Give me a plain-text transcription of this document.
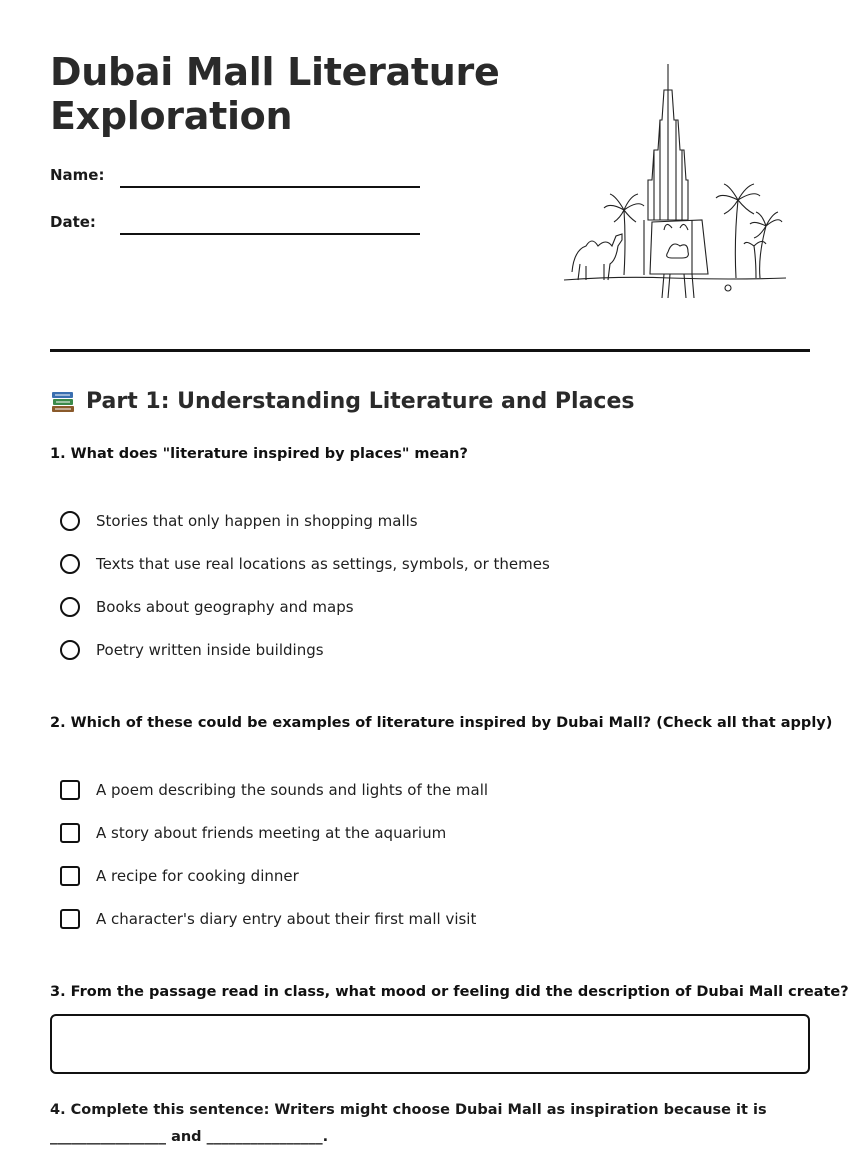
Dubai Mall Literature Exploration
Name:
Date:
Part 1: Understanding Literature and Places
1. What does "literature inspired by places" mean?
Stories that only happen in shopping malls
Texts that use real locations as settings, symbols, or themes
Books about geography and maps
Poetry written inside buildings
2. Which of these could be examples of literature inspired by Dubai Mall? (Check all that apply)
A poem describing the sounds and lights of the mall
A story about friends meeting at the aquarium
A recipe for cooking dinner
A character's diary entry about their first mall visit
3. From the passage read in class, what mood or feeling did the description of Dubai Mall create?
4. Complete this sentence: Writers might choose Dubai Mall as inspiration because it is
________________ and ________________.
